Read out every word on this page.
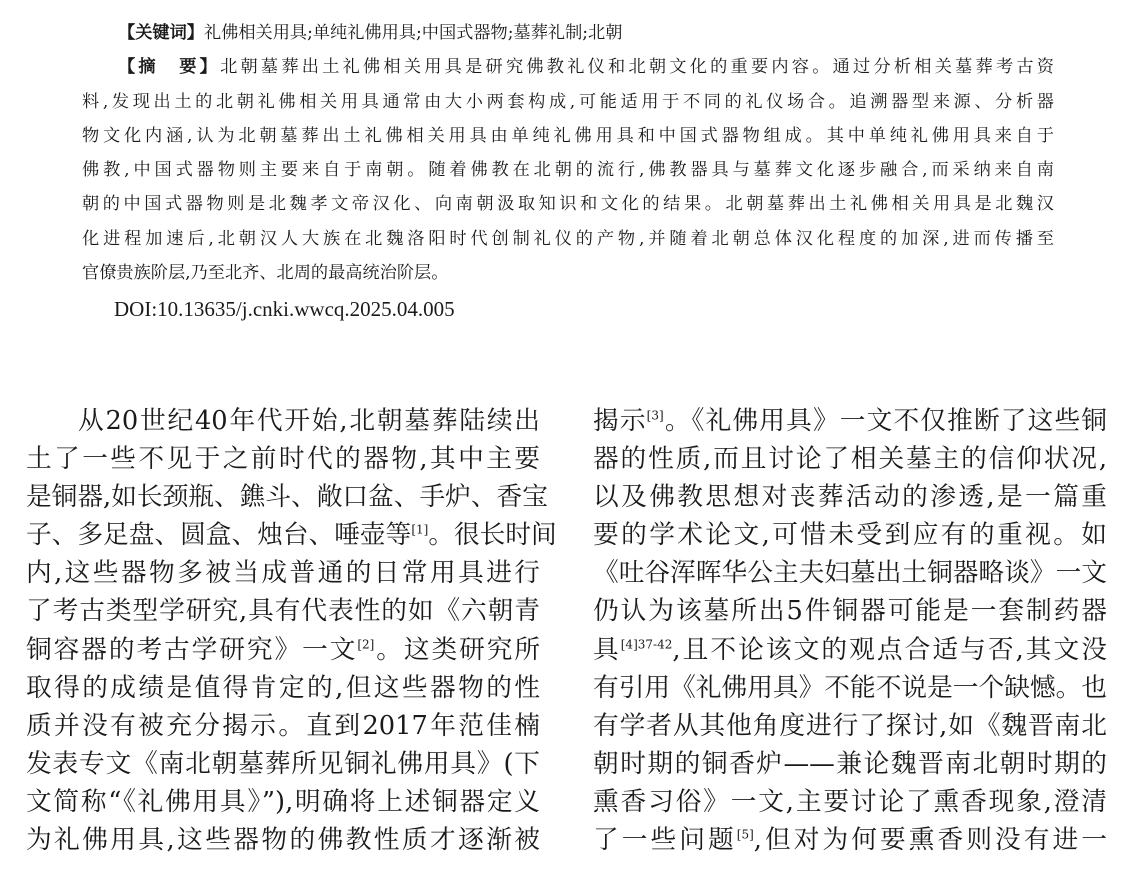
【关键词】礼佛相关用具;单纯礼佛用具;中国式器物;墓葬礼制;北朝
【摘　要】北朝墓葬出土礼佛相关用具是研究佛教礼仪和北朝文化的重要内容。通过分析相关墓葬考古资
料,发现出土的北朝礼佛相关用具通常由大小两套构成,可能适用于不同的礼仪场合。追溯器型来源、分析器
物文化内涵,认为北朝墓葬出土礼佛相关用具由单纯礼佛用具和中国式器物组成。其中单纯礼佛用具来自于
佛教,中国式器物则主要来自于南朝。随着佛教在北朝的流行,佛教器具与墓葬文化逐步融合,而采纳来自南
朝的中国式器物则是北魏孝文帝汉化、向南朝汲取知识和文化的结果。北朝墓葬出土礼佛相关用具是北魏汉
化进程加速后,北朝汉人大族在北魏洛阳时代创制礼仪的产物,并随着北朝总体汉化程度的加深,进而传播至
官僚贵族阶层,乃至北齐、北周的最高统治阶层。
DOI:10.13635/j.cnki.wwcq.2025.04.005
从20世纪40年代开始,北朝墓葬陆续出
土了一些不见于之前时代的器物,其中主要
是铜器,如长颈瓶、鐎斗、敞口盆、手炉、香宝
子、多足盘、圆盒、烛台、唾壶等[1]。很长时间
内,这些器物多被当成普通的日常用具进行
了考古类型学研究,具有代表性的如《六朝青
铜容器的考古学研究》一文[2]。这类研究所
取得的成绩是值得肯定的,但这些器物的性
质并没有被充分揭示。直到2017年范佳楠
发表专文《南北朝墓葬所见铜礼佛用具》(下
文简称“《礼佛用具》”),明确将上述铜器定义
为礼佛用具,这些器物的佛教性质才逐渐被
揭示[3]。《礼佛用具》一文不仅推断了这些铜
器的性质,而且讨论了相关墓主的信仰状况,
以及佛教思想对丧葬活动的渗透,是一篇重
要的学术论文,可惜未受到应有的重视。如
《吐谷浑晖华公主夫妇墓出土铜器略谈》一文
仍认为该墓所出5件铜器可能是一套制药器
具$^{[4]37-42}$,且不论该文的观点合适与否,其文没
有引用《礼佛用具》不能不说是一个缺憾。也
有学者从其他角度进行了探讨,如《魏晋南北
朝时期的铜香炉——兼论魏晋南北朝时期的
熏香习俗》一文,主要讨论了熏香现象,澄清
了一些问题[5],但对为何要熏香则没有进一
